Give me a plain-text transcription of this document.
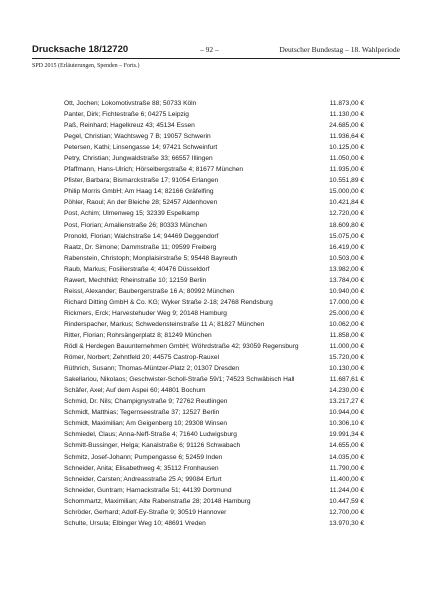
Drucksache 18/12720	– 92 –	Deutscher Bundestag – 18. Wahlperiode
SPD 2015 (Erläuterungen, Spenden – Forts.)
Ott, Jochen; Lokomotivstraße 88; 50733 Köln	11.873,00 €
Panter, Dirk; Fichtestraße 6; 04275 Leipzig	11.130,00 €
Paß, Reinhard; Hagelkreuz 43; 45134 Essen	24.685,00 €
Pegel, Christian; Wachtsweg 7 B; 19057 Schwerin	11.936,64 €
Petersen, Kathi; Linsengasse 14; 97421 Schweinfurt	10.125,00 €
Petry, Christian; Jungwaldstraße 33; 66557 Illingen	11.050,00 €
Pfaffmann, Hans-Ulrich; Hörselbergstraße 4; 81677 München	11.935,00 €
Pfister, Barbara; Bismarckstraße 17; 91054 Erlangen	10.551,89 €
Philip Morris GmbH; Am Haag 14; 82166 Gräfelfing	15.000,00 €
Pöhler, Raoul; An der Bleiche 28; 52457 Aldenhoven	10.421,84 €
Post, Achim; Ulmenweg 15; 32339 Espelkamp	12.720,00 €
Post, Florian; Amalienstraße 26; 80333 München	18.609,80 €
Pronold, Florian; Walchstraße 14; 94469 Deggendorf	15.075,00 €
Raatz, Dr. Simone; Dammstraße 11; 09599 Freiberg	16.419,00 €
Rabenstein, Christoph; Monplaisirstraße 5; 95448 Bayreuth	10.503,00 €
Raub, Markus; Fosilierstraße 4; 40476 Düsseldorf	13.982,00 €
Rawert, Mechthild; Rheinstraße 10; 12159 Berlin	13.784,00 €
Reissl, Alexander; Baubergerstraße 16 A; 80992 München	10.940,00 €
Richard Ditting GmbH & Co. KG; Wyker Straße 2-18; 24768 Rendsburg	17.000,00 €
Rickmers, Erck; Harvestehuder Weg 9; 20148 Hamburg	25.000,00 €
Rinderspacher, Markus; Schwedensteinstraße 11 A; 81827 München	10.062,00 €
Ritter, Florian; Rohrsängerplatz 8; 81249 München	11.858,00 €
Rödl & Herdegen Bauunternehmen GmbH; Wöhrdstraße 42; 93059 Regensburg	11.000,00 €
Römer, Norbert; Zehntfeld 20; 44575 Castrop-Rauxel	15.720,00 €
Rüthrich, Susann; Thomas-Müntzer-Platz 2; 01307 Dresden	10.130,00 €
Sakellariou, Nikolaos; Geschwister-Scholl-Straße 59/1; 74523 Schwäbisch Hall	11.687,61 €
Schäfer, Axel; Auf dem Aspei 60; 44801 Bochum	14.230,00 €
Schmid, Dr. Nils; Champignystraße 9; 72762 Reutlingen	13.217,27 €
Schmidt, Matthias; Tegernseestraße 37; 12527 Berlin	10.944,00 €
Schmidt, Maximilian; Am Geigenberg 10; 29308 Winsen	10.306,10 €
Schmiedel, Claus; Anna-Neff-Straße 4; 71640 Ludwigsburg	19.991,34 €
Schmitt-Bussinger, Helga; Kanalstraße 6; 91126 Schwabach	14.655,00 €
Schmitz, Josef-Johann; Pumpengasse 6; 52459 Inden	14.035,00 €
Schneider, Anita; Elisabethweg 4; 35112 Fronhausen	11.790,00 €
Schneider, Carsten; Andreasstraße 25 A; 99084 Erfurt	11.400,00 €
Schneider, Guntram; Harnackstraße 51; 44139 Dortmund	11.244,00 €
Schommartz, Maximilian; Alte Rabenstraße 28; 20148 Hamburg	10.447,59 €
Schröder, Gerhard; Adolf-Ey-Straße 9; 30519 Hannover	12.700,00 €
Schulte, Ursula; Elbinger Weg 10; 48691 Vreden	13.970,30 €
